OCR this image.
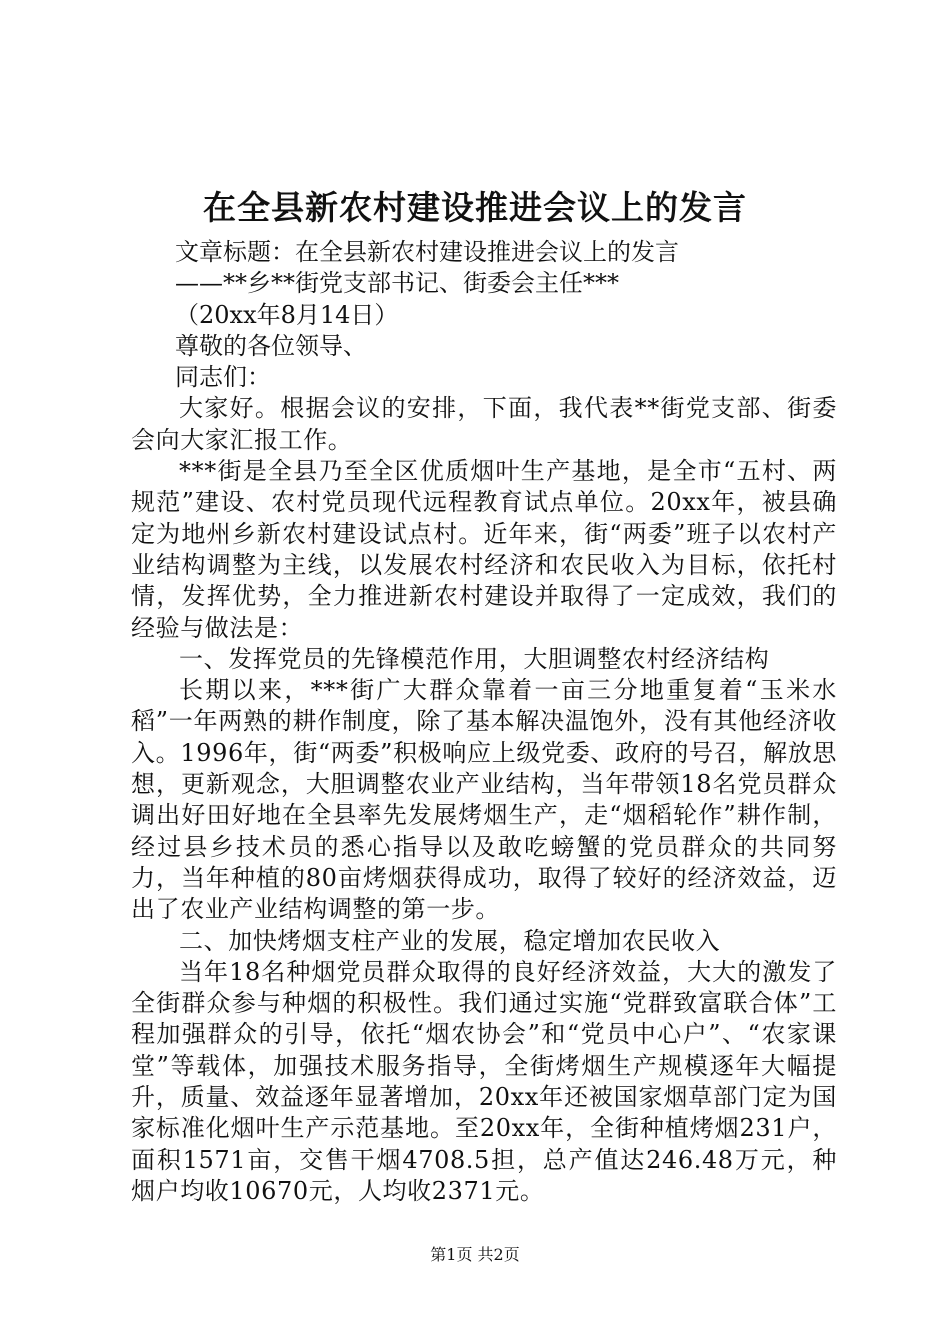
在全县新农村建设推进会议上的发言
文章标题：在全县新农村建设推进会议上的发言
——**乡**街党支部书记、街委会主任***
（20xx年8月14日）
尊敬的各位领导、
同志们：
大家好。根据会议的安排，下面，我代表**街党支部、街委会向大家汇报工作。
***街是全县乃至全区优质烟叶生产基地，是全市“五村、两规范”建设、农村党员现代远程教育试点单位。20xx年，被县确定为地州乡新农村建设试点村。近年来，街“两委”班子以农村产业结构调整为主线，以发展农村经济和农民收入为目标，依托村情，发挥优势，全力推进新农村建设并取得了一定成效，我们的经验与做法是：
一、发挥党员的先锋模范作用，大胆调整农村经济结构
长期以来，***街广大群众靠着一亩三分地重复着“玉米水稻”一年两熟的耕作制度，除了基本解决温饱外，没有其他经济收入。1996年，街“两委”积极响应上级党委、政府的号召，解放思想，更新观念，大胆调整农业产业结构，当年带领18名党员群众调出好田好地在全县率先发展烤烟生产，走“烟稻轮作”耕作制，经过县乡技术员的悉心指导以及敢吃螃蟹的党员群众的共同努力，当年种植的80亩烤烟获得成功，取得了较好的经济效益，迈出了农业产业结构调整的第一步。
二、加快烤烟支柱产业的发展，稳定增加农民收入
当年18名种烟党员群众取得的良好经济效益，大大的激发了全街群众参与种烟的积极性。我们通过实施“党群致富联合体”工程加强群众的引导，依托“烟农协会”和“党员中心户”、“农家课堂”等载体，加强技术服务指导，全街烤烟生产规模逐年大幅提升，质量、效益逐年显著增加，20xx年还被国家烟草部门定为国家标准化烟叶生产示范基地。至20xx年，全街种植烤烟231户，面积1571亩，交售干烟4708.5担，总产值达246.48万元，种烟户均收10670元，人均收2371元。
第1页 共2页
